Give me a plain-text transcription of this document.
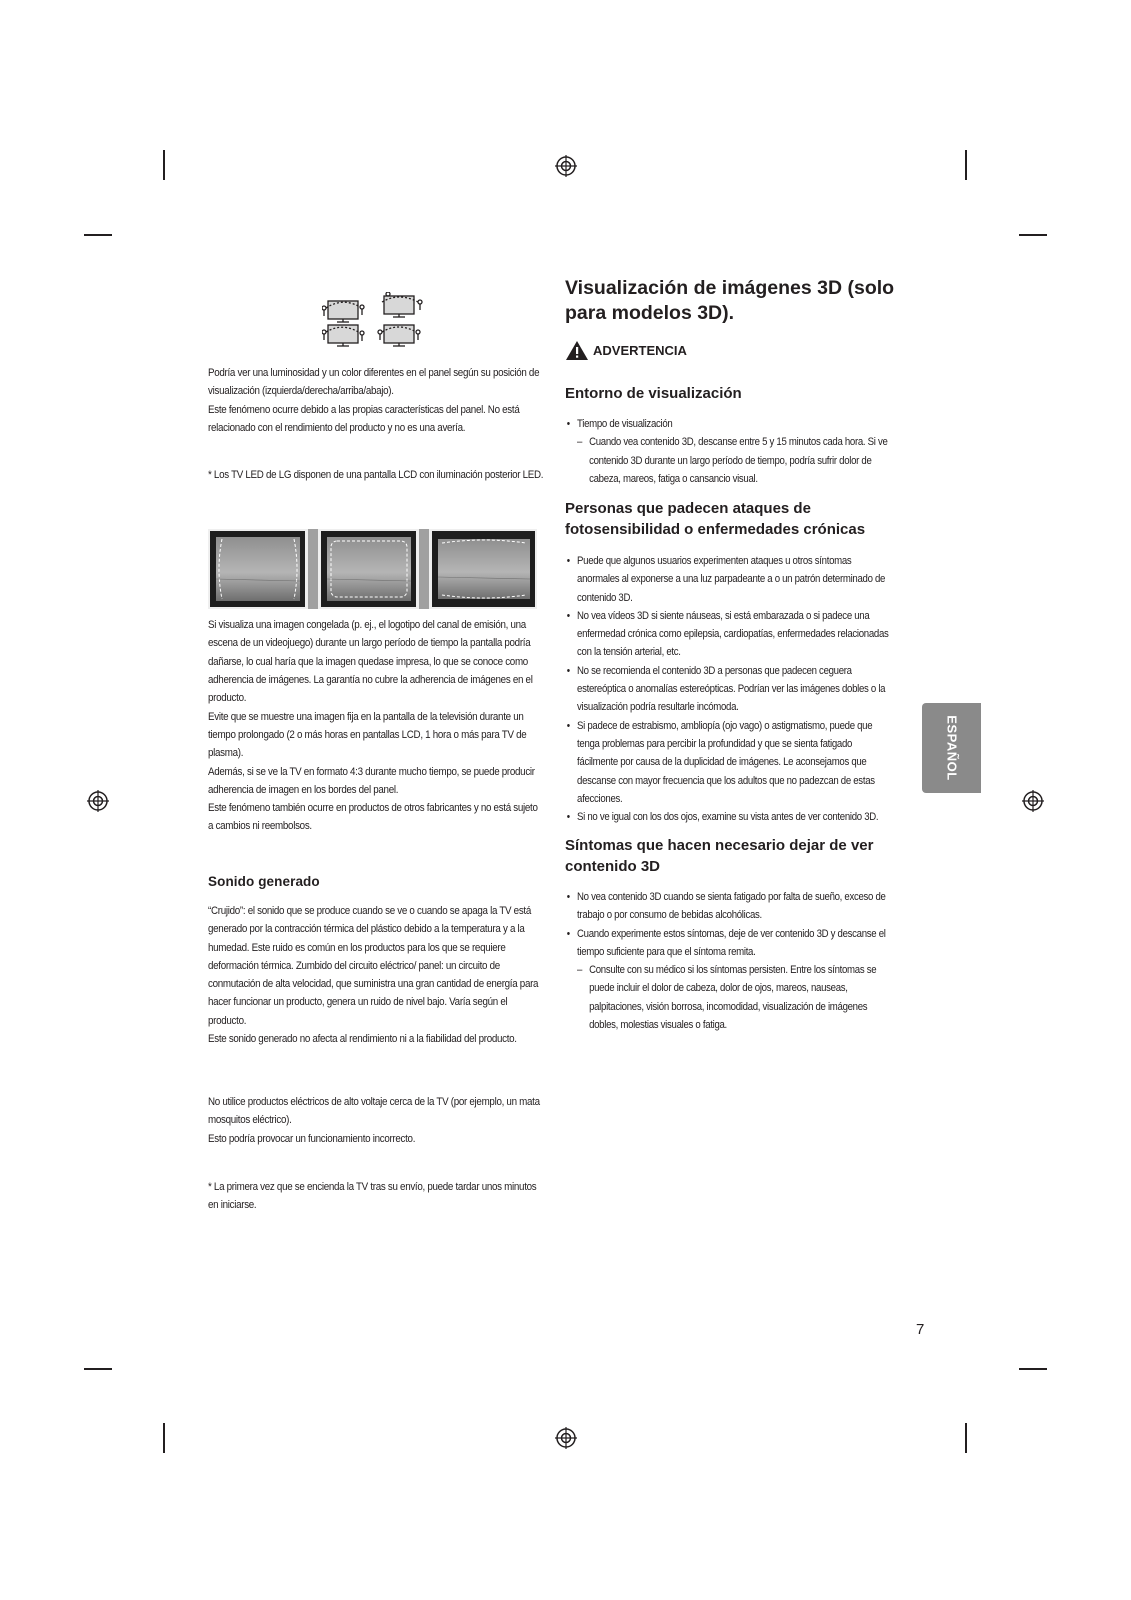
Podría ver una luminosidad y un color diferentes en el panel según su posición de visualización (izquierda/derecha/arriba/abajo).

Este fenómeno ocurre debido a las propias características del panel. No está relacionado con el rendimiento del producto y no es una avería.

* Los TV LED de LG disponen de una pantalla LCD con iluminación posterior LED.

Si visualiza una imagen congelada (p. ej., el logotipo del canal de emisión, una escena de un videojuego) durante un largo período de tiempo la pantalla podría dañarse, lo cual haría que la imagen quedase impresa, lo que se conoce como adherencia de imágenes. La garantía no cubre la adherencia de imágenes en el producto.

Evite que se muestre una imagen fija en la pantalla de la televisión durante un tiempo prolongado (2 o más horas en pantallas LCD, 1 hora o más para TV de plasma).

Además, si se ve la TV en formato 4:3 durante mucho tiempo, se puede producir adherencia de imagen en los bordes del panel.

Este fenómeno también ocurre en productos de otros fabricantes y no está sujeto a cambios ni reembolsos.

Sonido generado

“Crujido”: el sonido que se produce cuando se ve o cuando se apaga la TV está generado por la contracción térmica del plástico debido a la temperatura y a la humedad. Este ruido es común en los productos para los que se requiere deformación térmica. Zumbido del circuito eléctrico/ panel: un circuito de conmutación de alta velocidad, que suministra una gran cantidad de energía para hacer funcionar un producto, genera un ruido de nivel bajo. Varía según el producto.

Este sonido generado no afecta al rendimiento ni a la fiabilidad del producto.

No utilice productos eléctricos de alto voltaje cerca de la TV (por ejemplo, un mata mosquitos eléctrico).

Esto podría provocar un funcionamiento incorrecto.

* La primera vez que se encienda la TV tras su envío, puede tardar unos minutos en iniciarse.

Visualización de imágenes 3D (solo para modelos 3D).
ADVERTENCIA
Entorno de visualización
• Tiempo de visualización
– Cuando vea contenido 3D, descanse entre 5 y 15 minutos cada hora. Si ve contenido 3D durante un largo período de tiempo, podría sufrir dolor de cabeza, mareos, fatiga o cansancio visual.
Personas que padecen ataques de fotosensibilidad o enfermedades crónicas
• Puede que algunos usuarios experimenten ataques u otros síntomas anormales al exponerse a una luz parpadeante a o un patrón determinado de contenido 3D.
• No vea vídeos 3D si siente náuseas, si está embarazada o si padece una enfermedad crónica como epilepsia, cardiopatías, enfermedades relacionadas con la tensión arterial, etc.
• No se recomienda el contenido 3D a personas que padecen ceguera estereóptica o anomalías estereópticas. Podrían ver las imágenes dobles o la visualización podría resultarle incómoda.
• Si padece de estrabismo, ambliopía (ojo vago) o astigmatismo, puede que tenga problemas para percibir la profundidad y que se sienta fatigado fácilmente por causa de la duplicidad de imágenes. Le aconsejamos que descanse con mayor frecuencia que los adultos que no padezcan de estas afecciones.
• Si no ve igual con los dos ojos, examine su vista antes de ver contenido 3D.
Síntomas que hacen necesario dejar de ver contenido 3D
• No vea contenido 3D cuando se sienta fatigado por falta de sueño, exceso de trabajo o por consumo de bebidas alcohólicas.
• Cuando experimente estos síntomas, deje de ver contenido 3D y descanse el tiempo suficiente para que el síntoma remita.
– Consulte con su médico si los síntomas persisten. Entre los síntomas se puede incluir el dolor de cabeza, dolor de ojos, mareos, nauseas, palpitaciones, visión borrosa, incomodidad, visualización de imágenes dobles, molestias visuales o fatiga.
ESPAÑOL
7
